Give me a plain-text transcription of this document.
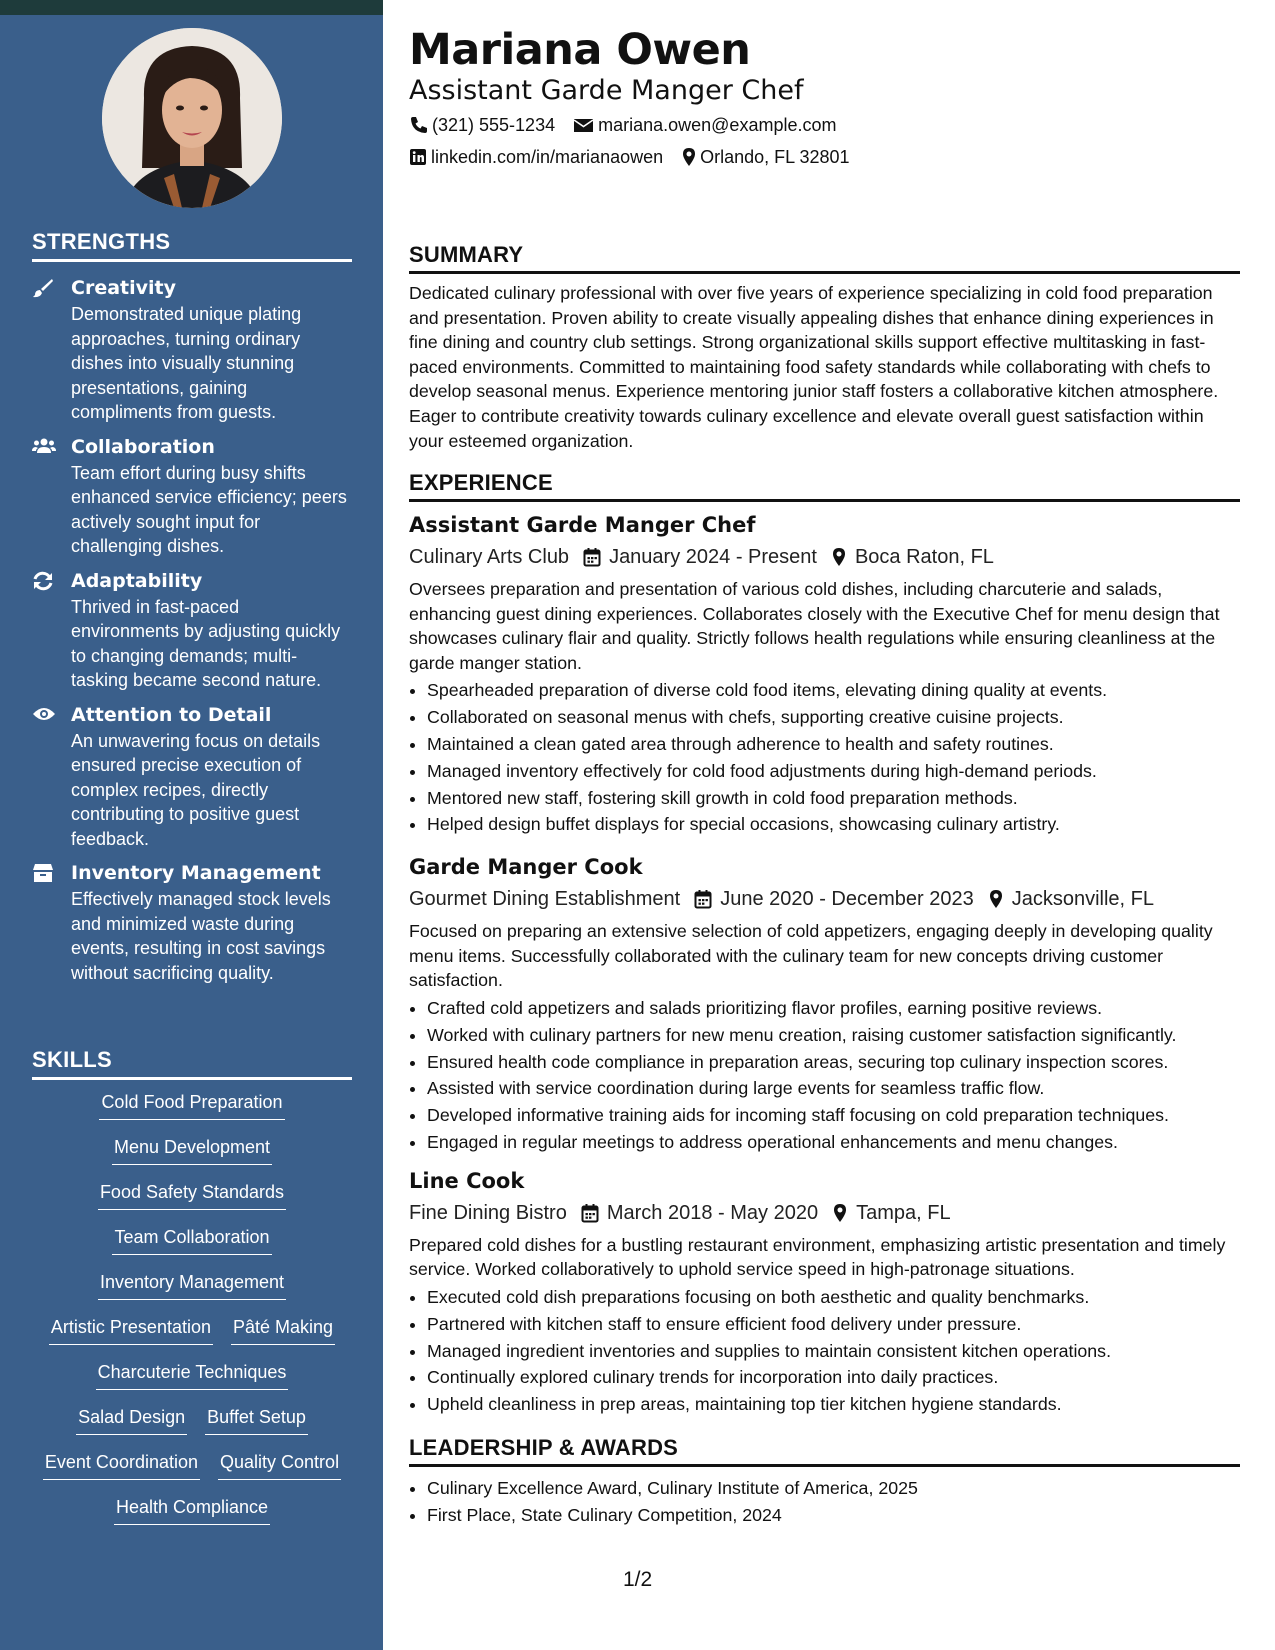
STRENGTHS
Creativity
Demonstrated unique plating approaches, turning ordinary dishes into visually stunning presentations, gaining compliments from guests.
Collaboration
Team effort during busy shifts enhanced service efficiency; peers actively sought input for challenging dishes.
Adaptability
Thrived in fast-paced environments by adjusting quickly to changing demands; multi-tasking became second nature.
Attention to Detail
An unwavering focus on details ensured precise execution of complex recipes, directly contributing to positive guest feedback.
Inventory Management
Effectively managed stock levels and minimized waste during events, resulting in cost savings without sacrificing quality.
SKILLS
Cold Food Preparation
Menu Development
Food Safety Standards
Team Collaboration
Inventory Management
Artistic Presentation Pâté Making
Charcuterie Techniques
Salad Design Buffet Setup
Event Coordination Quality Control
Health Compliance
Mariana Owen
Assistant Garde Manger Chef
(321) 555-1234 mariana.owen@example.com
linkedin.com/in/marianaowen Orlando, FL 32801
SUMMARY

Dedicated culinary professional with over five years of experience specializing in cold food preparation and presentation. Proven ability to create visually appealing dishes that enhance dining experiences in fine dining and country club settings. Strong organizational skills support effective multitasking in fast-paced environments. Committed to maintaining food safety standards while collaborating with chefs to develop seasonal menus. Experience mentoring junior staff fosters a collaborative kitchen atmosphere. Eager to contribute creativity towards culinary excellence and elevate overall guest satisfaction within your esteemed organization.

EXPERIENCE
Assistant Garde Manger Chef
Culinary Arts Club January 2024 - Present Boca Raton, FL

Oversees preparation and presentation of various cold dishes, including charcuterie and salads, enhancing guest dining experiences. Collaborates closely with the Executive Chef for menu design that showcases culinary flair and quality. Strictly follows health regulations while ensuring cleanliness at the garde manger station.

• Spearheaded preparation of diverse cold food items, elevating dining quality at events.
• Collaborated on seasonal menus with chefs, supporting creative cuisine projects.
• Maintained a clean gated area through adherence to health and safety routines.
• Managed inventory effectively for cold food adjustments during high-demand periods.
• Mentored new staff, fostering skill growth in cold food preparation methods.
• Helped design buffet displays for special occasions, showcasing culinary artistry.
Garde Manger Cook
Gourmet Dining Establishment June 2020 - December 2023 Jacksonville, FL

Focused on preparing an extensive selection of cold appetizers, engaging deeply in developing quality menu items. Successfully collaborated with the culinary team for new concepts driving customer satisfaction.

• Crafted cold appetizers and salads prioritizing flavor profiles, earning positive reviews.
• Worked with culinary partners for new menu creation, raising customer satisfaction significantly.
• Ensured health code compliance in preparation areas, securing top culinary inspection scores.
• Assisted with service coordination during large events for seamless traffic flow.
• Developed informative training aids for incoming staff focusing on cold preparation techniques.
• Engaged in regular meetings to address operational enhancements and menu changes.
Line Cook
Fine Dining Bistro March 2018 - May 2020 Tampa, FL

Prepared cold dishes for a bustling restaurant environment, emphasizing artistic presentation and timely service. Worked collaboratively to uphold service speed in high-patronage situations.

• Executed cold dish preparations focusing on both aesthetic and quality benchmarks.
• Partnered with kitchen staff to ensure efficient food delivery under pressure.
• Managed ingredient inventories and supplies to maintain consistent kitchen operations.
• Continually explored culinary trends for incorporation into daily practices.
• Upheld cleanliness in prep areas, maintaining top tier kitchen hygiene standards.
LEADERSHIP & AWARDS
• Culinary Excellence Award, Culinary Institute of America, 2025
• First Place, State Culinary Competition, 2024
1/2
